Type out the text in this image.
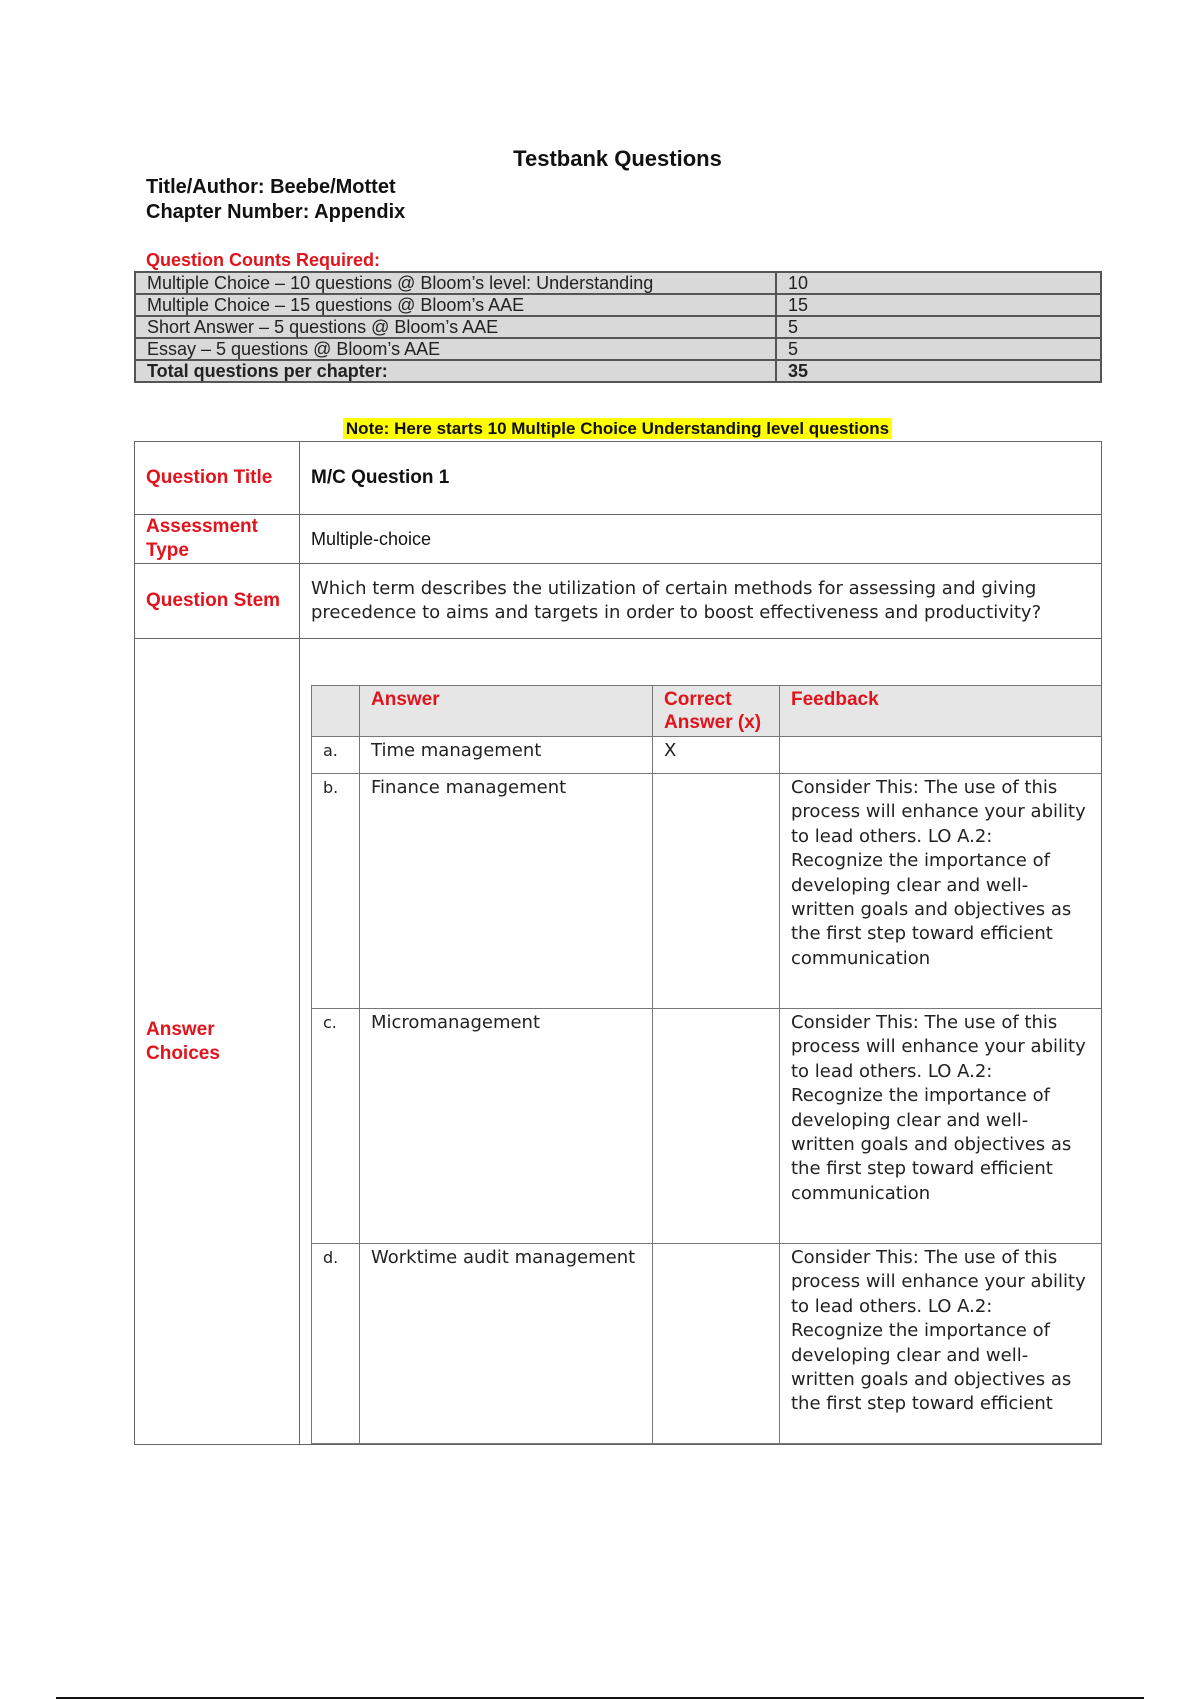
Testbank Questions
Title/Author: Beebe/Mottet
Chapter Number: Appendix
Question Counts Required:
Multiple Choice – 10 questions @ Bloom’s level: Understanding	10
Multiple Choice – 15 questions @ Bloom’s AAE	15
Short Answer – 5 questions @ Bloom’s AAE	5
Essay – 5 questions @ Bloom’s AAE	5
Total questions per chapter:	35
Note: Here starts 10 Multiple Choice Understanding level questions
Question Title	M/C Question 1
Assessment Type	Multiple-choice
Question Stem	Which term describes the utilization of certain methods for assessing and giving precedence to aims and targets in order to boost effectiveness and productivity?
Answer Choices	
	Answer	Correct Answer (x)	Feedback
a.	Time management	X	
b.	Finance management		Consider This: The use of this process will enhance your ability to lead others. LO A.2: Recognize the importance of developing clear and well-written goals and objectives as the first step toward efficient communication
c.	Micromanagement		Consider This: The use of this process will enhance your ability to lead others. LO A.2: Recognize the importance of developing clear and well-written goals and objectives as the first step toward efficient communication
d.	Worktime audit management		Consider This: The use of this process will enhance your ability to lead others. LO A.2: Recognize the importance of developing clear and well-written goals and objectives as the first step toward efficient
